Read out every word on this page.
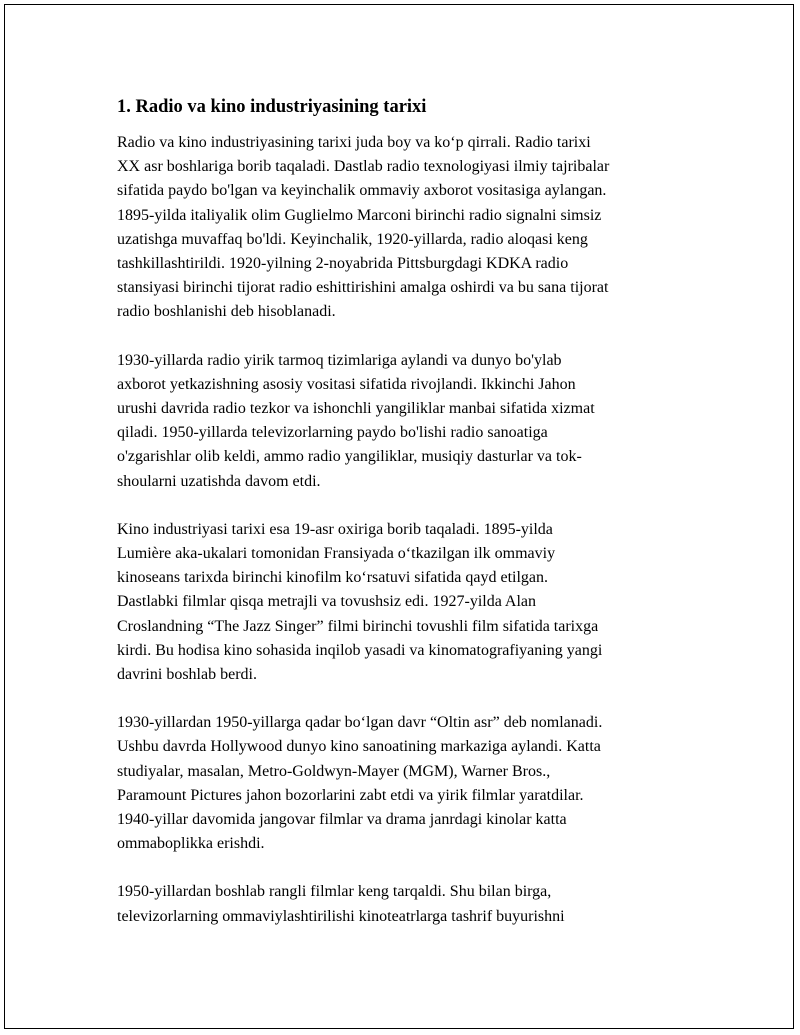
1. Radio va kino industriyasining tarixi
Radio va kino industriyasining tarixi juda boy va koʻp qirrali. Radio tarixi
XX asr boshlariga borib taqaladi. Dastlab radio texnologiyasi ilmiy tajribalar
sifatida paydo bo'lgan va keyinchalik ommaviy axborot vositasiga aylangan.
1895-yilda italiyalik olim Guglielmo Marconi birinchi radio signalni simsiz
uzatishga muvaffaq bo'ldi. Keyinchalik, 1920-yillarda, radio aloqasi keng
tashkillashtirildi. 1920-yilning 2-noyabrida Pittsburgdagi KDKA radio
stansiyasi birinchi tijorat radio eshittirishini amalga oshirdi va bu sana tijorat
radio boshlanishi deb hisoblanadi.
1930-yillarda radio yirik tarmoq tizimlariga aylandi va dunyo bo'ylab
axborot yetkazishning asosiy vositasi sifatida rivojlandi. Ikkinchi Jahon
urushi davrida radio tezkor va ishonchli yangiliklar manbai sifatida xizmat
qiladi. 1950-yillarda televizorlarning paydo bo'lishi radio sanoatiga
o'zgarishlar olib keldi, ammo radio yangiliklar, musiqiy dasturlar va tok-
shoularni uzatishda davom etdi.
Kino industriyasi tarixi esa 19-asr oxiriga borib taqaladi. 1895-yilda
Lumière aka-ukalari tomonidan Fransiyada oʻtkazilgan ilk ommaviy
kinoseans tarixda birinchi kinofilm koʻrsatuvi sifatida qayd etilgan.
Dastlabki filmlar qisqa metrajli va tovushsiz edi. 1927-yilda Alan
Croslandning “The Jazz Singer” filmi birinchi tovushli film sifatida tarixga
kirdi. Bu hodisa kino sohasida inqilob yasadi va kinomatografiyaning yangi
davrini boshlab berdi.
1930-yillardan 1950-yillarga qadar boʻlgan davr “Oltin asr” deb nomlanadi.
Ushbu davrda Hollywood dunyo kino sanoatining markaziga aylandi. Katta
studiyalar, masalan, Metro-Goldwyn-Mayer (MGM), Warner Bros.,
Paramount Pictures jahon bozorlarini zabt etdi va yirik filmlar yaratdilar.
1940-yillar davomida jangovar filmlar va drama janrdagi kinolar katta
ommaboplikka erishdi.
1950-yillardan boshlab rangli filmlar keng tarqaldi. Shu bilan birga,
televizorlarning ommaviylashtirilishi kinoteatrlarga tashrif buyurishni
